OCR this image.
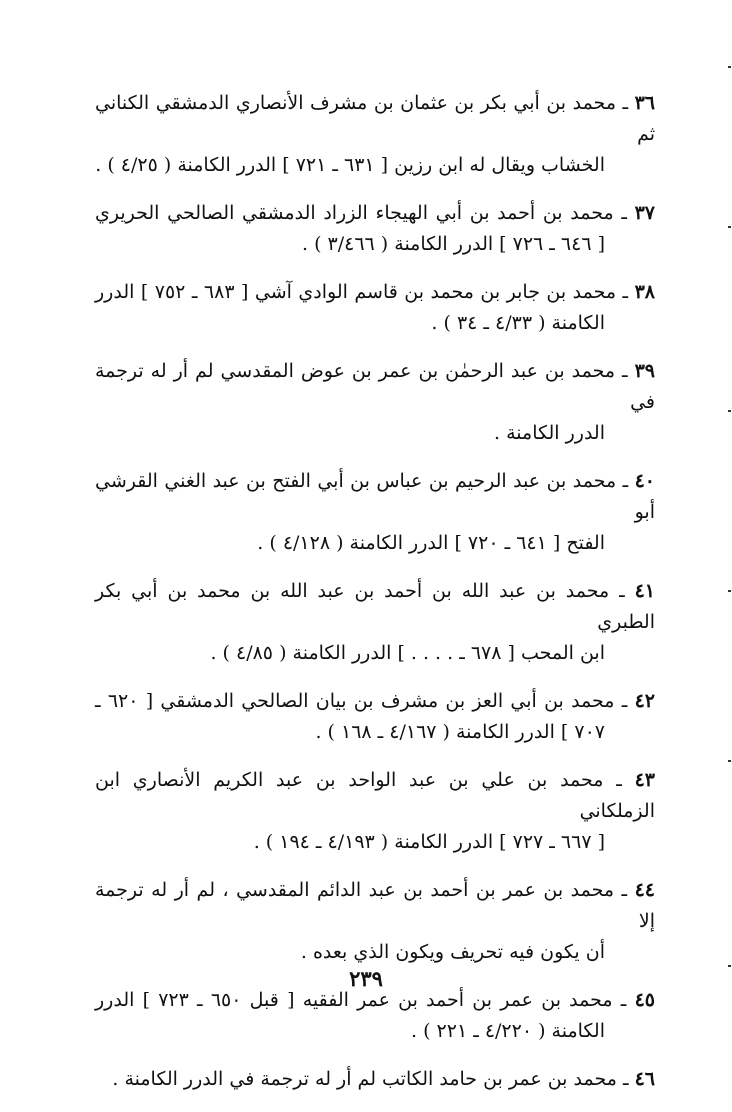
٣٦ ـ محمد بن أبي بكر بن عثمان بن مشرف الأنصاري الدمشقي الكناني ثم
الخشاب ويقال له ابن رزين [ ٦٣١ ـ ٧٢١ ] الدرر الكامنة ( ٤/٢٥ ) .
٣٧ ـ محمد بن أحمد بن أبي الهيجاء الزراد الدمشقي الصالحي الحريري
[ ٦٤٦ ـ ٧٢٦ ] الدرر الكامنة ( ٣/٤٦٦ ) .
٣٨ ـ محمد بن جابر بن محمد بن قاسم الوادي آشي [ ٦٨٣ ـ ٧٥٢ ] الدرر
الكامنة ( ٤/٣٣ ـ ٣٤ ) .
٣٩ ـ محمد بن عبد الرحمٰن بن عمر بن عوض المقدسي لم أر له ترجمة في
الدرر الكامنة .
٤٠ ـ محمد بن عبد الرحيم بن عباس بن أبي الفتح بن عبد الغني القرشي أبو
الفتح [ ٦٤١ ـ ٧٢٠ ] الدرر الكامنة ( ٤/١٢٨ ) .
٤١ ـ محمد بن عبد الله بن أحمد بن عبد الله بن محمد بن أبي بكر الطبري
ابن المحب [ ٦٧٨ ـ . . . . ] الدرر الكامنة ( ٤/٨٥ ) .
٤٢ ـ محمد بن أبي العز بن مشرف بن بيان الصالحي الدمشقي [ ٦٢٠ ـ
٧٠٧ ] الدرر الكامنة ( ٤/١٦٧ ـ ١٦٨ ) .
٤٣ ـ محمد بن علي بن عبد الواحد بن عبد الكريم الأنصاري ابن الزملكاني
[ ٦٦٧ ـ ٧٢٧ ] الدرر الكامنة ( ٤/١٩٣ ـ ١٩٤ ) .
٤٤ ـ محمد بن عمر بن أحمد بن عبد الدائم المقدسي ، لم أر له ترجمة إلا
أن يكون فيه تحريف ويكون الذي بعده .
٤٥ ـ محمد بن عمر بن أحمد بن عمر الفقيه [ قبل ٦٥٠ ـ ٧٢٣ ] الدرر
الكامنة ( ٤/٢٢٠ ـ ٢٢١ ) .
٤٦ ـ محمد بن عمر بن حامد الكاتب لم أر له ترجمة في الدرر الكامنة .
٢٣٩
